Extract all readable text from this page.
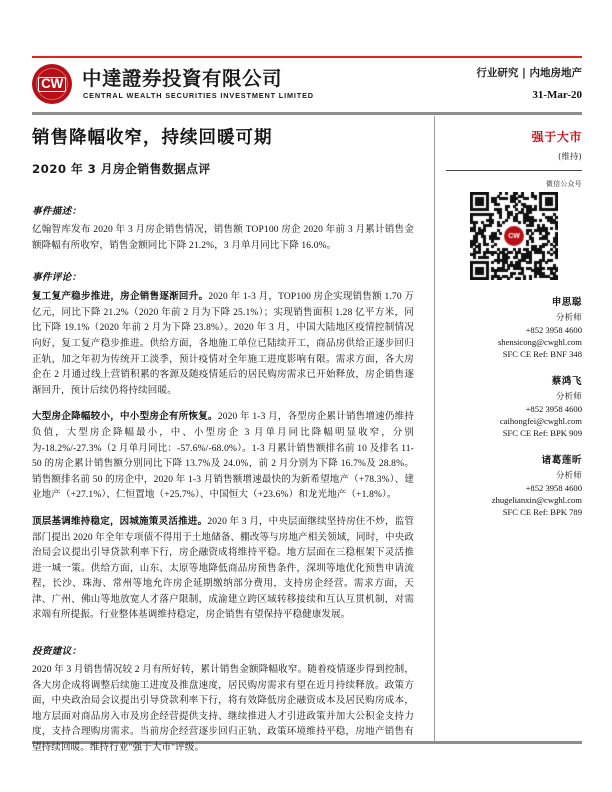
CW 中達證券投資有限公司
CENTRAL WEALTH SECURITIES INVESTMENT LIMITED
行业研究 | 内地房地产
31-Mar-20
销售降幅收窄，持续回暖可期
2020 年 3 月房企销售数据点评
事件描述：
亿翰智库发布 2020 年 3 月房企销售情况，销售额 TOP100 房企 2020 年前 3 月累计销售金额降幅有所收窄，销售金额同比下降 21.2%，3 月单月同比下降 16.0%。
事件评论：
复工复产稳步推进，房企销售逐渐回升。2020 年 1-3 月，TOP100 房企实现销售额 1.70 万亿元，同比下降 21.2%（2020 年前 2 月为下降 25.1%）；实现销售面积 1.28 亿平方米，同比下降 19.1%（2020 年前 2 月为下降 23.8%）。2020 年 3 月，中国大陆地区疫情控制情况向好，复工复产稳步推进。供给方面，各地施工单位已陆续开工，商品房供给正逐步回归正轨，加之年初为传统开工淡季，预计疫情对全年施工进度影响有限。需求方面，各大房企在 2 月通过线上营销积累的客源及随疫情延后的居民购房需求已开始释放，房企销售逐渐回升，预计后续仍将持续回暖。
大型房企降幅较小，中小型房企有所恢复。2020 年 1-3 月，各型房企累计销售增速仍维持负值，大型房企降幅最小，中、小型房企 3 月单月同比降幅明显收窄，分别为-18.2%/-27.3%（2 月单月同比：-57.6%/-68.0%）。1-3 月累计销售额排名前 10 及排名 11-50 的房企累计销售额分别同比下降 13.7%及 24.0%，前 2 月分别为下降 16.7%及 28.8%。销售额排名前 50 的房企中，2020 年 1-3 月销售额增速最快的为新希望地产（+78.3%）、建业地产（+27.1%）、仁恒置地（+25.7%）、中国恒大（+23.6%）和龙光地产（+1.8%）。
顶层基调维持稳定，因城施策灵活推进。2020 年 3 月，中央层面继续坚持房住不炒，监管部门提出 2020 年全年专项债不得用于土地储备、棚改等与房地产相关领域，同时，中央政治局会议提出引导贷款利率下行，房企融资成将维持平稳。地方层面在三稳框架下灵活推进一城一策。供给方面，山东、太原等地降低商品房预售条件，深圳等地优化预售申请流程，长沙、珠海、常州等地允许房企延期缴纳部分费用，支持房企经营。需求方面，天津、广州、佛山等地放宽人才落户限制，成渝建立跨区域转移接续和互认互贯机制，对需求端有所提振。行业整体基调维持稳定，房企销售有望保持平稳健康发展。
投资建议：
2020 年 3 月销售情况较 2 月有所好转，累计销售金额降幅收窄。随着疫情逐步得到控制，各大房企成将调整后续施工进度及推盘速度，居民购房需求有望在近月持续释放。政策方面，中央政治局会议提出引导贷款利率下行，将有效降低房企融资成本及居民购房成本，地方层面对商品房入市及房企经营提供支持、继续推进人才引进政策并加大公积金支持力度，支持合理购房需求。当前房企经营逐步回归正轨、政策环境维持平稳，房地产销售有望持续回暖。维持行业"强于大市"评级。
强于大市
(维持)
微信公众号
申思聪
分析师
+852 3958 4600
shensicong@cwghl.com
SFC CE Ref: BNF 348
蔡鸿飞
分析师
+852 3958 4600
caihongfei@cwghl.com
SFC CE Ref: BPK 909
诸葛莲昕
分析师
+852 3958 4600
zhugelianxin@cwghl.com
SFC CE Ref: BPK 789
